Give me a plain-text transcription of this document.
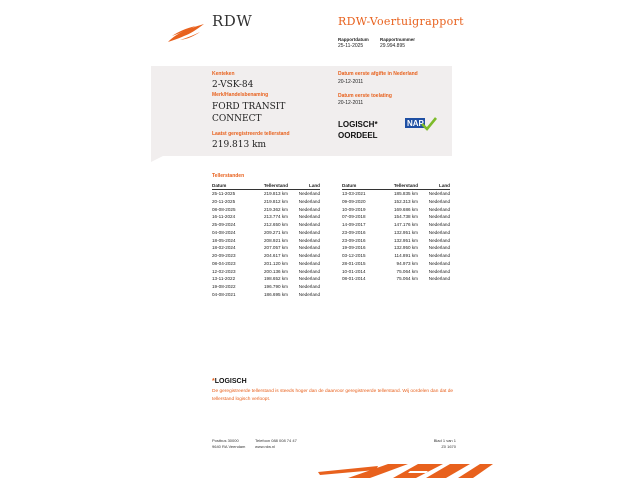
RDW	RDW-Voertuigrapport
Rapportdatum
25-11-2025
Rapportnummer
29.994.895
Kenteken
2-VSK-84
Merk/Handelsbenaming
FORD TRANSIT
CONNECT
Laatst geregistreerde tellerstand
219.813 km
Datum eerste afgifte in Nederland
20-12-2011
Datum eerste toelating
20-12-2011
LOGISCH*
OORDEEL
NAP
Tellerstanden
Datum	Tellerstand	Land
25-11-2025	219.813 km	Nederland
20-11-2025	219.812 km	Nederland
08-08-2025	219.362 km	Nederland
16-11-2024	213.774 km	Nederland
25-09-2024	212.650 km	Nederland
04-08-2024	209.271 km	Nederland
18-05-2024	208.921 km	Nederland
18-02-2024	207.057 km	Nederland
20-09-2023	204.617 km	Nederland
08-04-2023	201.120 km	Nederland
12-02-2023	200.136 km	Nederland
13-11-2022	198.652 km	Nederland
19-08-2022	196.790 km	Nederland
04-08-2021	186.695 km	Nederland
Datum	Tellerstand	Land
13-03-2021	185.835 km	Nederland
09-09-2020	152.313 km	Nederland
10-09-2019	169.686 km	Nederland
07-09-2018	154.738 km	Nederland
14-09-2017	147.176 km	Nederland
23-09-2016	132.951 km	Nederland
23-09-2016	132.951 km	Nederland
19-09-2016	132.950 km	Nederland
03-12-2015	114.891 km	Nederland
28-01-2015	94.973 km	Nederland
10-01-2014	75.064 km	Nederland
08-01-2014	75.064 km	Nederland
*LOGISCH
De geregistreerde tellerstand is steeds hoger dan de daarvoor geregistreerde tellerstand. Wij oordelen dan dat de tellerstand logisch verloopt.
Postbus 30000
9640 RA Veendam
Telefoon 088 008 74 47
www.rdw.nl
Blad 1 van 1
Z0 1670
